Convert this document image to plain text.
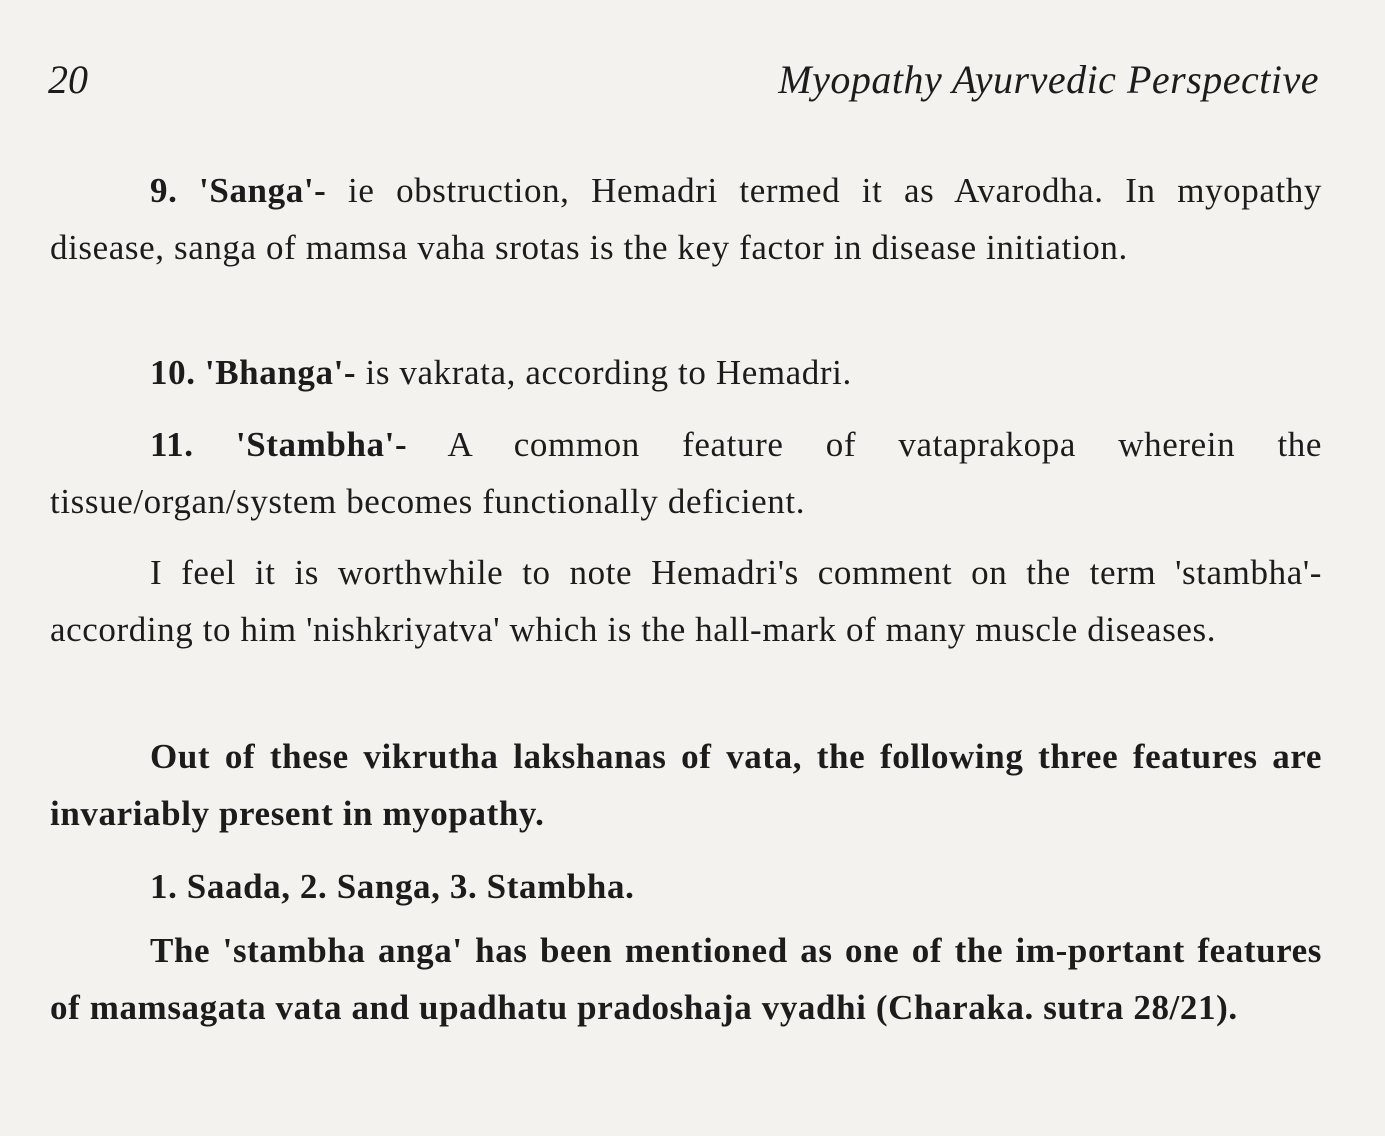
20	Myopathy Ayurvedic Perspective

9. 'Sanga'- ie obstruction, Hemadri termed it as Avarodha. In myopathy disease, sanga of mamsa vaha srotas is the key factor in disease initiation.

10. 'Bhanga'- is vakrata, according to Hemadri.

11. 'Stambha'- A common feature of vataprakopa wherein the tissue/organ/system becomes functionally deficient.

I feel it is worthwhile to note Hemadri's comment on the term 'stambha'- according to him 'nishkriyatva' which is the hall-mark of many muscle diseases.

Out of these vikrutha lakshanas of vata, the following three features are invariably present in myopathy.

1. Saada, 2. Sanga, 3. Stambha.

The 'stambha anga' has been mentioned as one of the im-portant features of mamsagata vata and upadhatu pradoshaja vyadhi (Charaka. sutra 28/21).
